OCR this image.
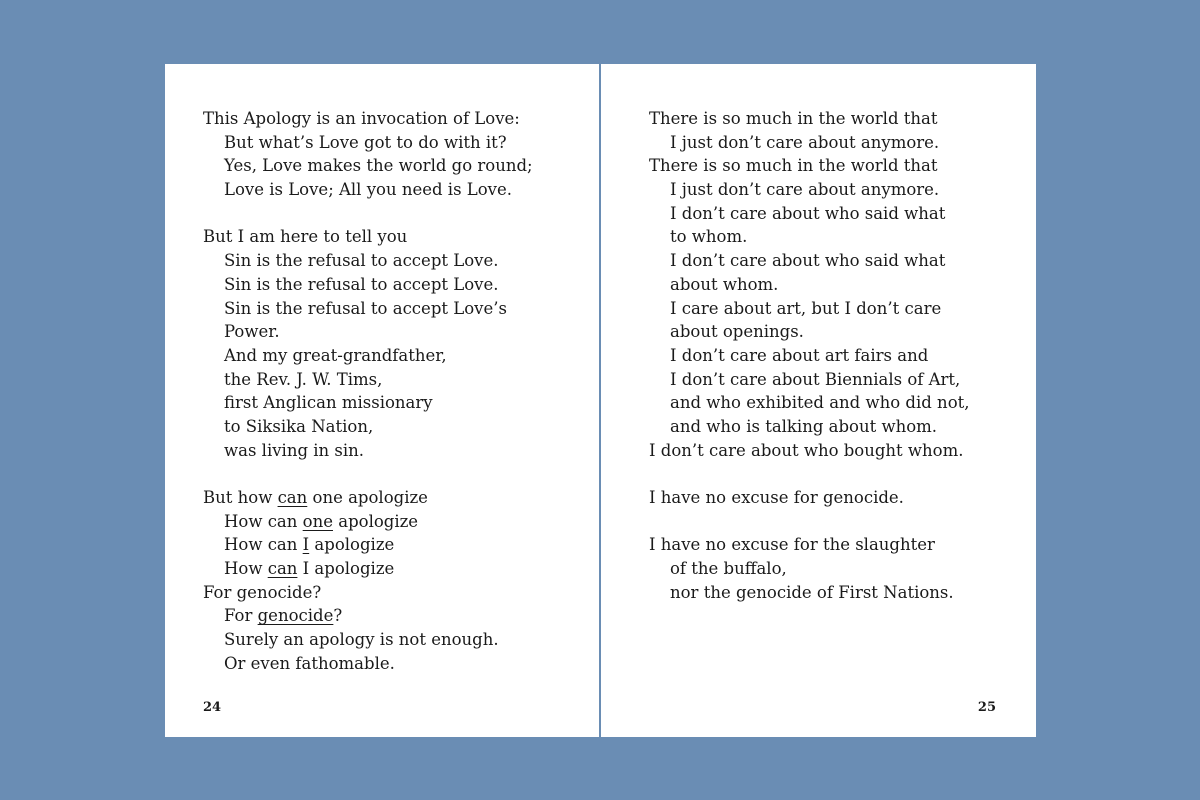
This Apology is an invocation of Love:
But what’s Love got to do with it?
Yes, Love makes the world go round;
Love is Love; All you need is Love.
But I am here to tell you
Sin is the refusal to accept Love.
Sin is the refusal to accept Love.
Sin is the refusal to accept Love’s
Power.
And my great-grandfather,
the Rev. J. W. Tims,
first Anglican missionary
to Siksika Nation,
was living in sin.
But how can one apologize
How can one apologize
How can I apologize
How can I apologize
For genocide?
For genocide?
Surely an apology is not enough.
Or even fathomable.
24
There is so much in the world that
I just don’t care about anymore.
There is so much in the world that
I just don’t care about anymore.
I don’t care about who said what
to whom.
I don’t care about who said what
about whom.
I care about art, but I don’t care
about openings.
I don’t care about art fairs and
I don’t care about Biennials of Art,
and who exhibited and who did not,
and who is talking about whom.
I don’t care about who bought whom.
I have no excuse for genocide.
I have no excuse for the slaughter
of the buffalo,
nor the genocide of First Nations.
25
